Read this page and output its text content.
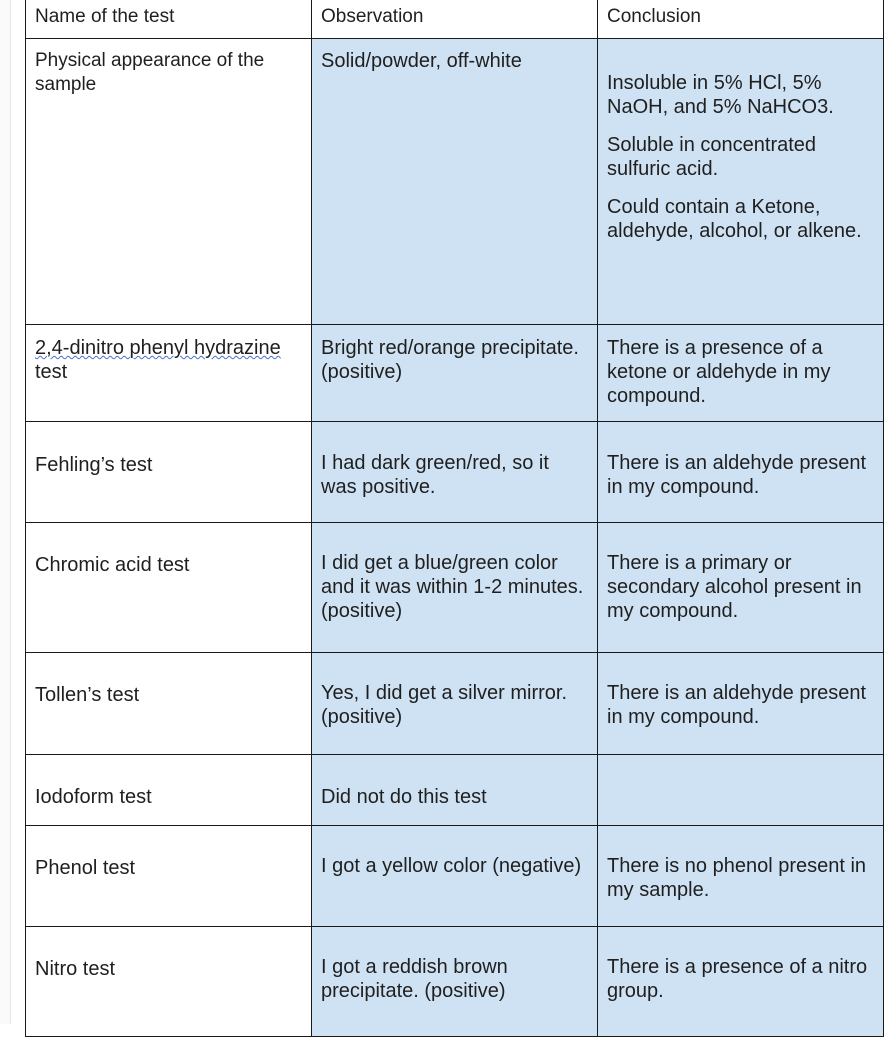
Name of the test	Observation	Conclusion
Physical appearance of the sample	Solid/powder, off-white	Insoluble in 5% HCl, 5% NaOH, and 5% NaHCO3.

Soluble in concentrated sulfuric acid.

Could contain a Ketone, aldehyde, alcohol, or alkene.

2,4-dinitro phenyl hydrazine test	Bright red/orange precipitate. (positive)	There is a presence of a ketone or aldehyde in my compound.
Fehling’s test	I had dark green/red, so it was positive.	There is an aldehyde present in my compound.
Chromic acid test	I did get a blue/green color and it was within 1-2 minutes. (positive)	There is a primary or secondary alcohol present in my compound.
Tollen’s test	Yes, I did get a silver mirror. (positive)	There is an aldehyde present in my compound.
Iodoform test	Did not do this test	
Phenol test	I got a yellow color (negative)	There is no phenol present in my sample.
Nitro test	I got a reddish brown precipitate. (positive)	There is a presence of a nitro group.
